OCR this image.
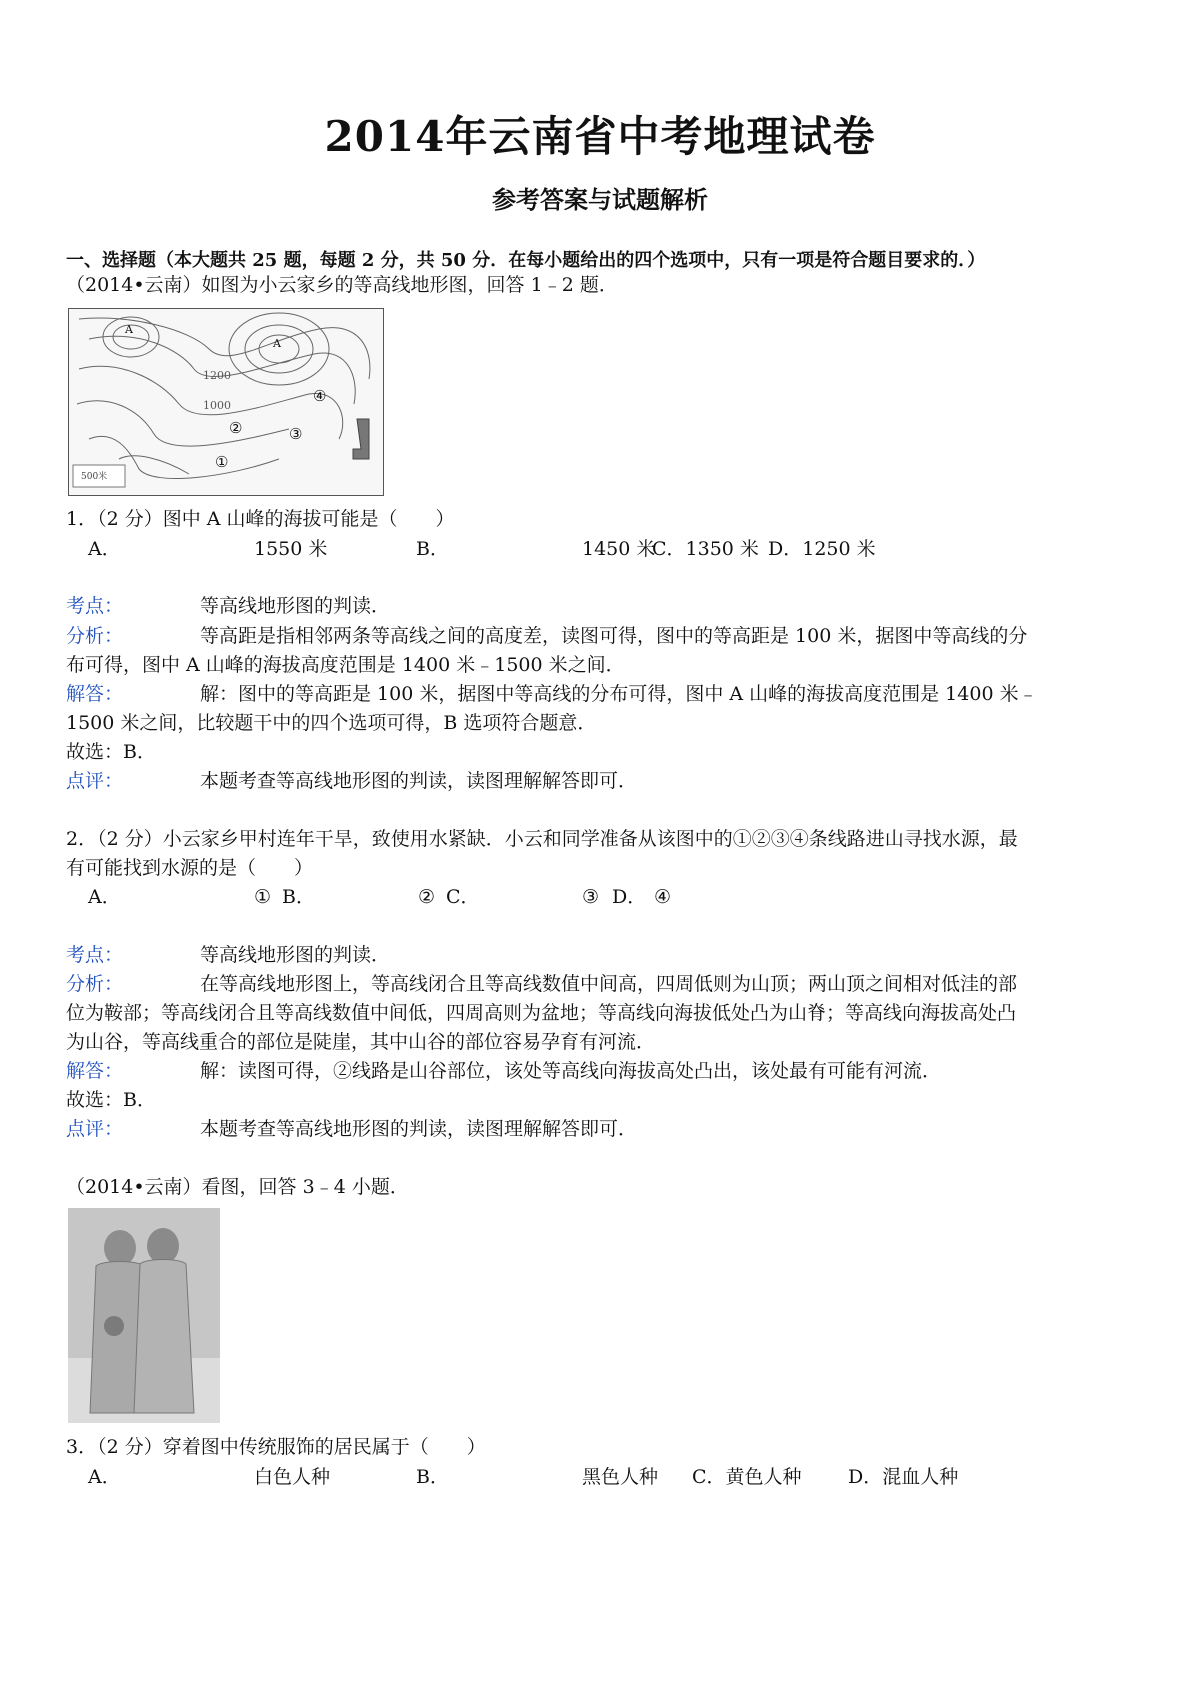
2014年云南省中考地理试卷
参考答案与试题解析
一、选择题（本大题共 25 题，每题 2 分，共 50 分．在每小题给出的四个选项中，只有一项是符合题目要求的．）
（2014•云南）如图为小云家乡的等高线地形图，回答 1﹣2 题．
A
A
1200
1000
④
②	③
①
500米
1．（2 分）图中 A 山峰的海拔可能是（　　）
A．	1550 米	B．	1450 米
C．1350 米 D．1250 米
考点：	等高线地形图的判读．
分析：	等高距是指相邻两条等高线之间的高度差，读图可得，图中的等高距是 100 米，据图中等高线的分
布可得，图中 A 山峰的海拔高度范围是 1400 米﹣1500 米之间．
解答：	解：图中的等高距是 100 米，据图中等高线的分布可得，图中 A 山峰的海拔高度范围是 1400 米﹣
1500 米之间，比较题干中的四个选项可得，B 选项符合题意．
故选：B．
点评：	本题考查等高线地形图的判读，读图理解解答即可．
2．（2 分）小云家乡甲村连年干旱，致使用水紧缺．小云和同学准备从该图中的①②③④条线路进山寻找水源，最
有可能找到水源的是（　　）
A．	① B．	② C．	③ D． ④
考点：	等高线地形图的判读．
分析：	在等高线地形图上，等高线闭合且等高线数值中间高，四周低则为山顶；两山顶之间相对低洼的部
位为鞍部；等高线闭合且等高线数值中间低，四周高则为盆地；等高线向海拔低处凸为山脊；等高线向海拔高处凸
为山谷，等高线重合的部位是陡崖，其中山谷的部位容易孕育有河流．
解答：	解：读图可得，②线路是山谷部位，该处等高线向海拔高处凸出，该处最有可能有河流．
故选：B．
点评：	本题考查等高线地形图的判读，读图理解解答即可．
（2014•云南）看图，回答 3﹣4 小题．
3．（2 分）穿着图中传统服饰的居民属于（　　）
A．	白色人种	B．	黑色人种 C．黄色人种 D．混血人种
